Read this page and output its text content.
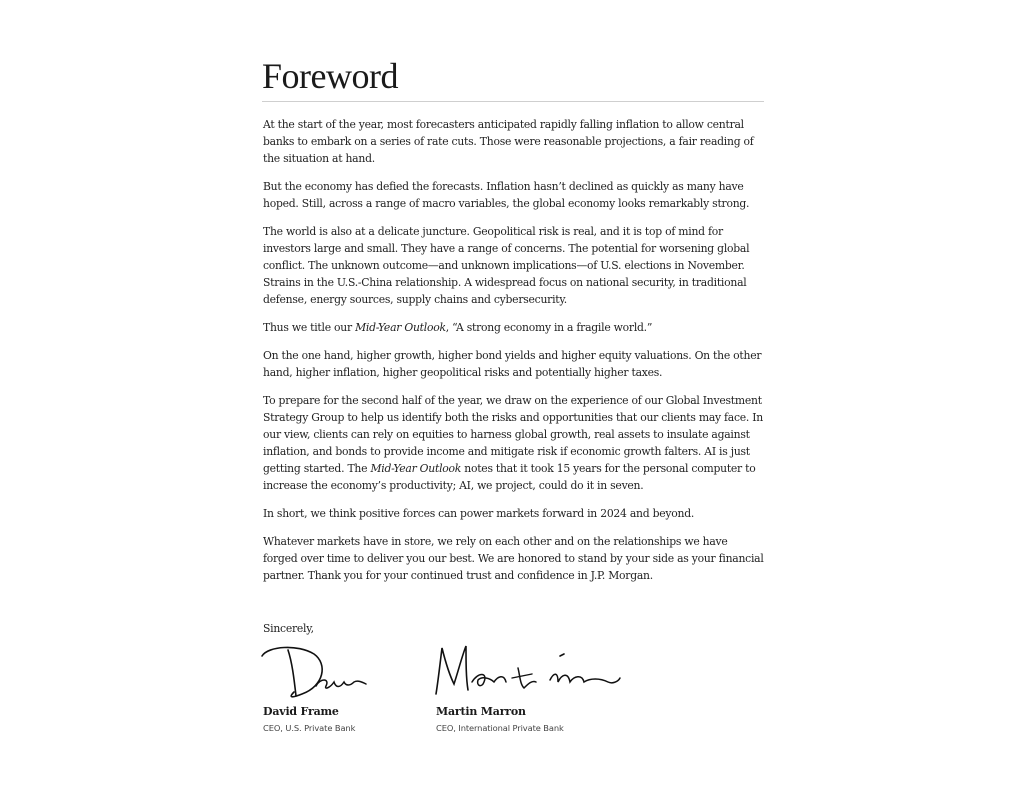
Foreword

At the start of the year, most forecasters anticipated rapidly falling inflation to allow central banks to embark on a series of rate cuts. Those were reasonable projections, a fair reading of the situation at hand.

But the economy has defied the forecasts. Inflation hasn’t declined as quickly as many have hoped. Still, across a range of macro variables, the global economy looks remarkably strong.

The world is also at a delicate juncture. Geopolitical risk is real, and it is top of mind for investors large and small. They have a range of concerns. The potential for worsening global conflict. The unknown outcome—and unknown implications—of U.S. elections in November. Strains in the U.S.-China relationship. A widespread focus on national security, in traditional defense, energy sources, supply chains and cybersecurity.

Thus we title our Mid-Year Outlook, “A strong economy in a fragile world.”

On the one hand, higher growth, higher bond yields and higher equity valuations. On the other hand, higher inflation, higher geopolitical risks and potentially higher taxes.

To prepare for the second half of the year, we draw on the experience of our Global Investment Strategy Group to help us identify both the risks and opportunities that our clients may face. In our view, clients can rely on equities to harness global growth, real assets to insulate against inflation, and bonds to provide income and mitigate risk if economic growth falters. AI is just getting started. The Mid-Year Outlook notes that it took 15 years for the personal computer to increase the economy’s productivity; AI, we project, could do it in seven.

In short, we think positive forces can power markets forward in 2024 and beyond.

Whatever markets have in store, we rely on each other and on the relationships we have forged over time to deliver you our best. We are honored to stand by your side as your financial partner. Thank you for your continued trust and confidence in J.P. Morgan.

Sincerely,
David Frame
CEO, U.S. Private Bank
Martin Marron
CEO, International Private Bank
